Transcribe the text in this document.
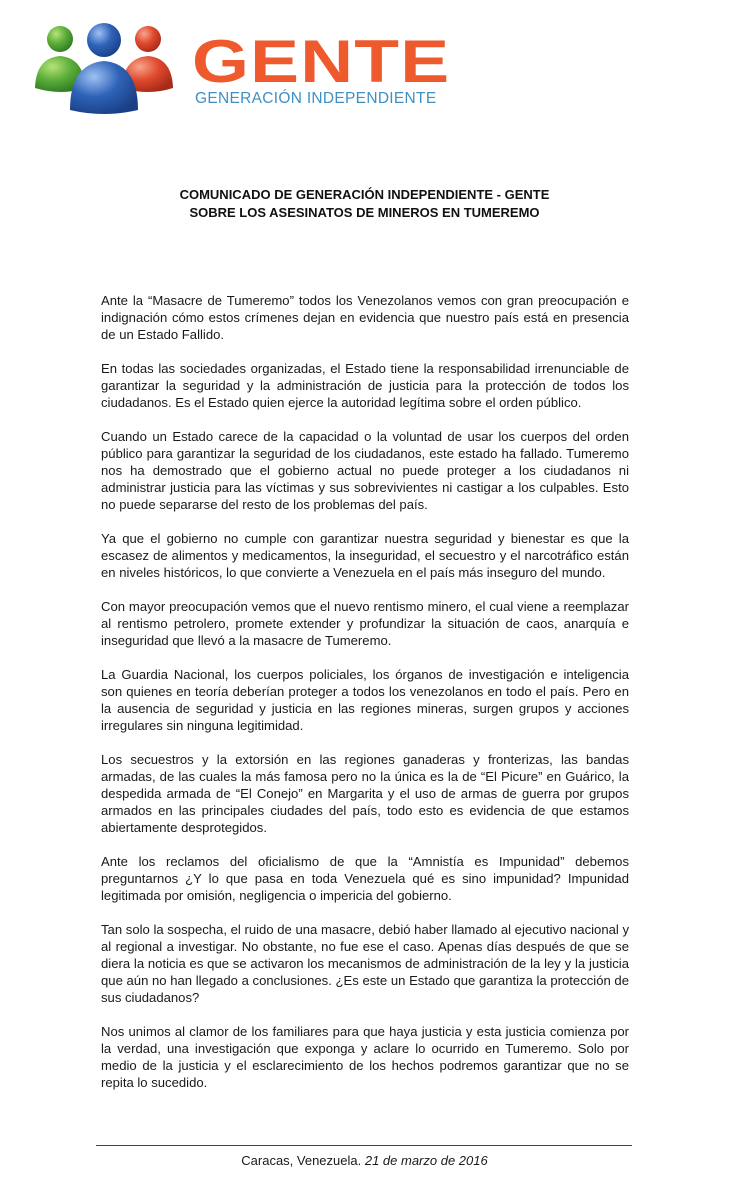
GENTE
GENERACIÓN INDEPENDIENTE
COMUNICADO DE GENERACIÓN INDEPENDIENTE - GENTE
SOBRE LOS ASESINATOS DE MINEROS EN TUMEREMO

Ante la “Masacre de Tumeremo” todos los Venezolanos vemos con gran preocupación e indignación cómo estos crímenes dejan en evidencia que nuestro país está en presencia de un Estado Fallido.

En todas las sociedades organizadas, el Estado tiene la responsabilidad irrenunciable de garantizar la seguridad y la administración de justicia para la protección de todos los ciudadanos. Es el Estado quien ejerce la autoridad legítima sobre el orden público.

Cuando un Estado carece de la capacidad o la voluntad de usar los cuerpos del orden público para garantizar la seguridad de los ciudadanos, este estado ha fallado. Tumeremo nos ha demostrado que el gobierno actual no puede proteger a los ciudadanos ni administrar justicia para las víctimas y sus sobrevivientes ni castigar a los culpables. Esto no puede separarse del resto de los problemas del país.

Ya que el gobierno no cumple con garantizar nuestra seguridad y bienestar es que la escasez de alimentos y medicamentos, la inseguridad, el secuestro y el narcotráfico están en niveles históricos, lo que convierte a Venezuela en el país más inseguro del mundo.

Con mayor preocupación vemos que el nuevo rentismo minero, el cual viene a reemplazar al rentismo petrolero, promete extender y profundizar la situación de caos, anarquía e inseguridad que llevó a la masacre de Tumeremo.

La Guardia Nacional, los cuerpos policiales, los órganos de investigación e inteligencia son quienes en teoría deberían proteger a todos los venezolanos en todo el país. Pero en la ausencia de seguridad y justicia en las regiones mineras, surgen grupos y acciones irregulares sin ninguna legitimidad.

Los secuestros y la extorsión en las regiones ganaderas y fronterizas, las bandas armadas, de las cuales la más famosa pero no la única es la de “El Picure” en Guárico, la despedida armada de “El Conejo” en Margarita y el uso de armas de guerra por grupos armados en las principales ciudades del país, todo esto es evidencia de que estamos abiertamente desprotegidos.

Ante los reclamos del oficialismo de que la “Amnistía es Impunidad” debemos preguntarnos ¿Y lo que pasa en toda Venezuela qué es sino impunidad? Impunidad legitimada por omisión, negligencia o impericia del gobierno.

Tan solo la sospecha, el ruido de una masacre, debió haber llamado al ejecutivo nacional y al regional a investigar. No obstante, no fue ese el caso. Apenas días después de que se diera la noticia es que se activaron los mecanismos de administración de la ley y la justicia que aún no han llegado a conclusiones. ¿Es este un Estado que garantiza la protección de sus ciudadanos?

Nos unimos al clamor de los familiares para que haya justicia y esta justicia comienza por la verdad, una investigación que exponga y aclare lo ocurrido en Tumeremo. Solo por medio de la justicia y el esclarecimiento de los hechos podremos garantizar que no se repita lo sucedido.

Caracas, Venezuela. 21 de marzo de 2016
